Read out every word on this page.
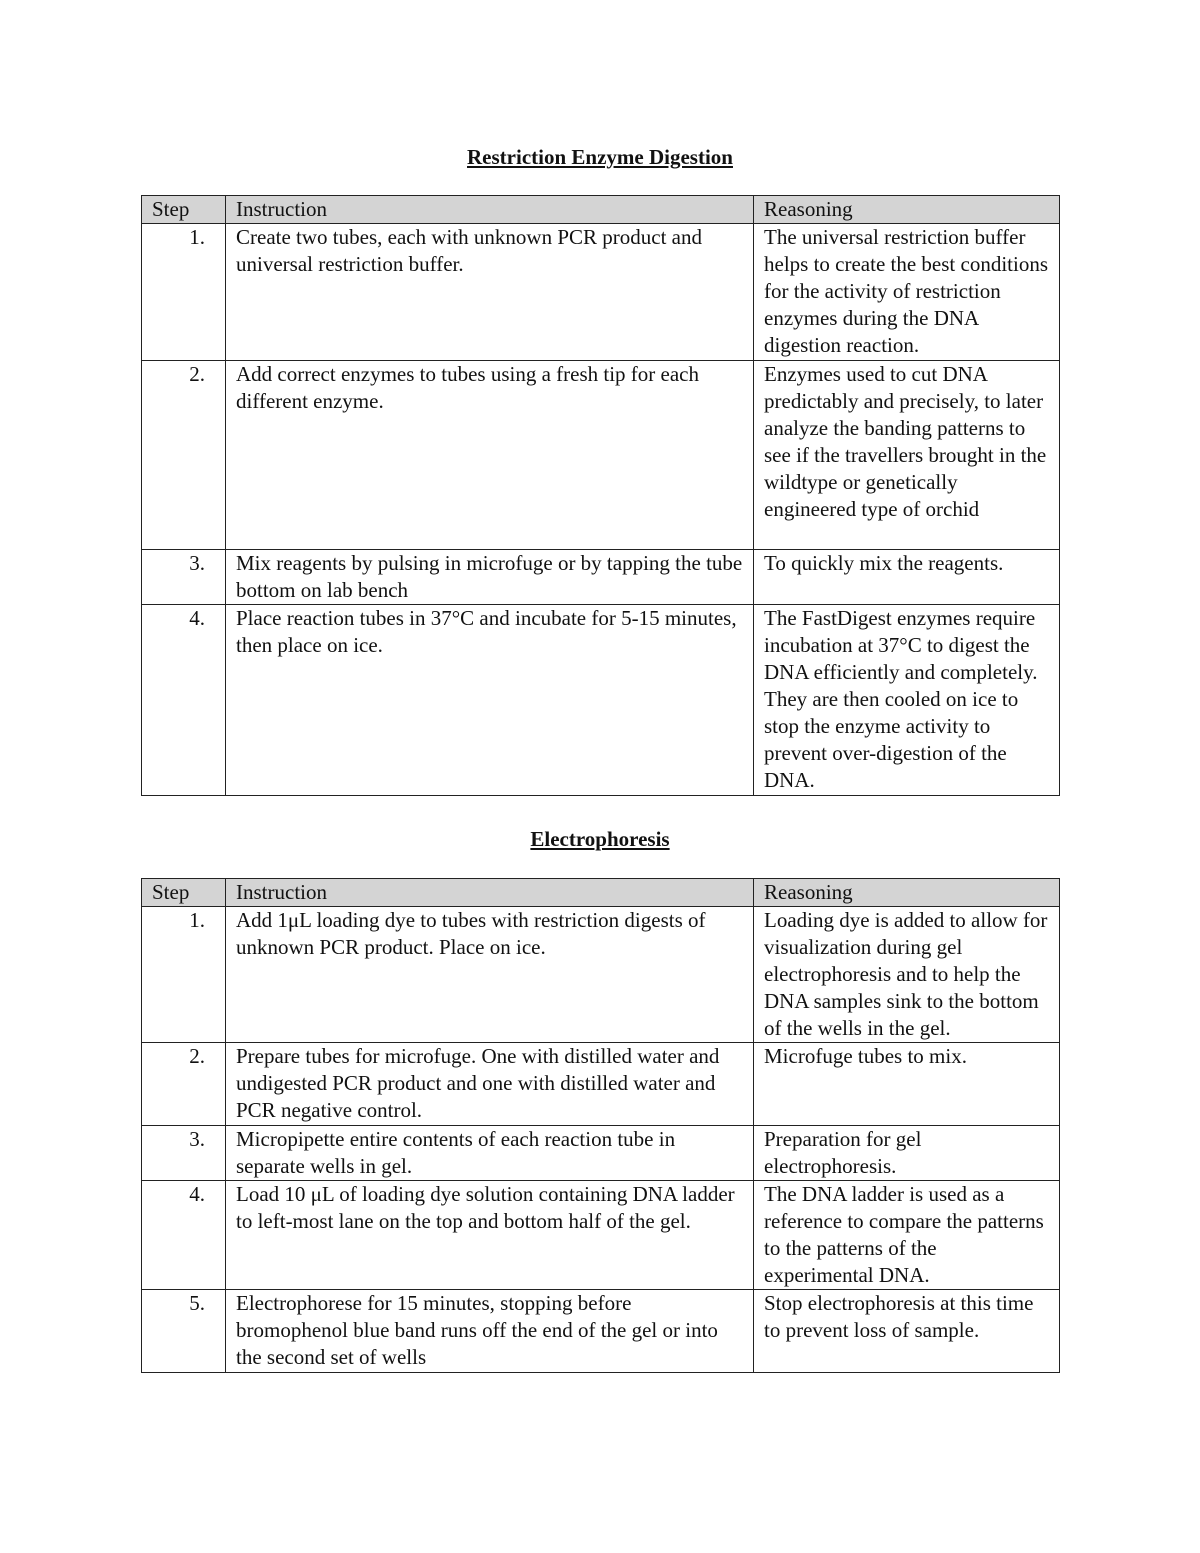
Restriction Enzyme Digestion
Step	Instruction	Reasoning
1.	Create two tubes, each with unknown PCR product and universal restriction buffer.	The universal restriction buffer helps to create the best conditions for the activity of restriction enzymes during the DNA digestion reaction.
2.	Add correct enzymes to tubes using a fresh tip for each different enzyme.	Enzymes used to cut DNA predictably and precisely, to later analyze the banding patterns to see if the travellers brought in the wildtype or genetically engineered type of orchid
3.	Mix reagents by pulsing in microfuge or by tapping the tube bottom on lab bench	To quickly mix the reagents.
4.	Place reaction tubes in 37°C and incubate for 5-15 minutes, then place on ice.	The FastDigest enzymes require incubation at 37°C to digest the DNA efficiently and completely. They are then cooled on ice to stop the enzyme activity to prevent over-digestion of the DNA.
Electrophoresis
Step	Instruction	Reasoning
1.	Add 1μL loading dye to tubes with restriction digests of unknown PCR product. Place on ice.	Loading dye is added to allow for visualization during gel electrophoresis and to help the DNA samples sink to the bottom of the wells in the gel.
2.	Prepare tubes for microfuge. One with distilled water and undigested PCR product and one with distilled water and PCR negative control.	Microfuge tubes to mix.
3.	Micropipette entire contents of each reaction tube in separate wells in gel.	Preparation for gel electrophoresis.
4.	Load 10 μL of loading dye solution containing DNA ladder to left-most lane on the top and bottom half of the gel.	The DNA ladder is used as a reference to compare the patterns to the patterns of the experimental DNA.
5.	Electrophorese for 15 minutes, stopping before bromophenol blue band runs off the end of the gel or into the second set of wells	Stop electrophoresis at this time to prevent loss of sample.
